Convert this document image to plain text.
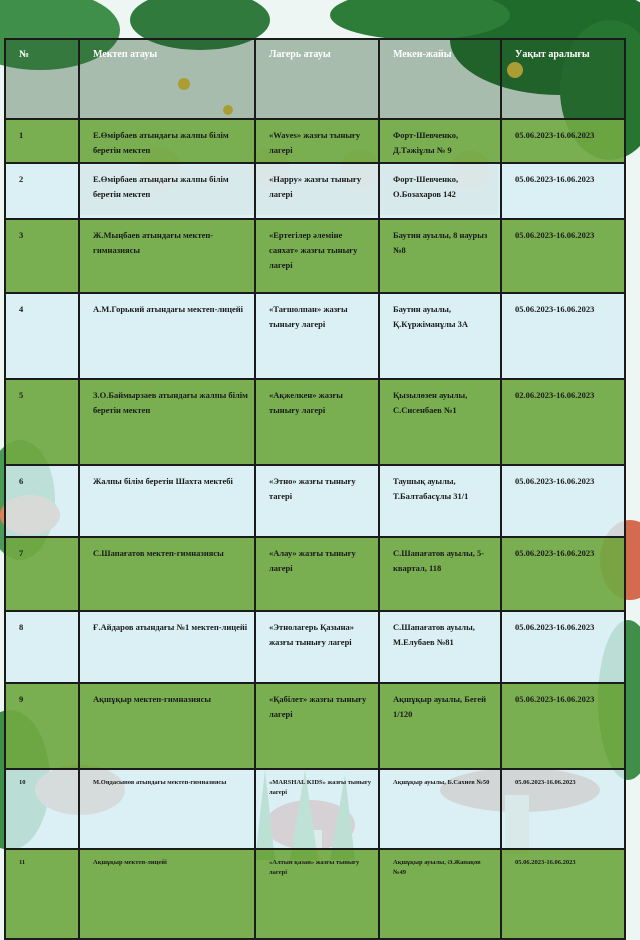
№	Мектеп атауы	Лагерь атауы	Мекен-жайы	Уақыт аралығы
1	Е.Өмірбаев атындағы жалпы білім беретін мектеп	«Waves» жазғы тынығу лагері	Форт-Шевченко, Д.Тәжіұлы № 9	05.06.2023-16.06.2023
2	Е.Өмірбаев атындағы жалпы білім беретін мектеп	«Happy» жазғы тынығу лагері	Форт-Шевченко, О.Бозахаров 142	05.06.2023-16.06.2023
3	Ж.Мыңбаев атындағы мектеп-гимназиясы	«Ертегілер әлеміне саяхат» жазғы тынығу лагері	Баутин ауылы, 8 наурыз №8	05.06.2023-16.06.2023
4	А.М.Горький атындағы мектеп-лицейі	«Тағшолпан» жазғы тынығу лагері	Баутин ауылы, Қ.Күржіманұлы 3А	05.06.2023-16.06.2023
5	З.О.Баймырзаев атындағы жалпы білім беретін мектеп	«Ақжелкен» жазғы тынығу лагері	Қызылөзен ауылы, С.Сисенбаев №1	02.06.2023-16.06.2023
6	Жалпы білім беретін Шахта мектебі	«Этно» жазғы тынығу тагері	Таушық ауылы, Т.Балтабасұлы 31/1	05.06.2023-16.06.2023
7	С.Шапағатов мектеп-гимназиясы	«Алау» жазғы тынығу лагері	С.Шапағатов ауылы, 5-квартал, 118	05.06.2023-16.06.2023
8	Ғ.Айдаров атындағы №1 мектеп-лицейі	«Этнолагерь Қазына» жазғы тынығу лагері	С.Шапағатов ауылы, М.Елубаев №81	05.06.2023-16.06.2023
9	Ақшұқыр мектеп-гимназиясы	«Қабілет» жазғы тынығу лагері	Ақшұқыр ауылы, Бегей 1/120	05.06.2023-16.06.2023
10	М.Оңдасынов атындағы мектеп-гимназиясы	«MARSHAL KIDS» жазғы тынығу лагері	Ақшұқыр ауылы, Б.Сахиев №50	05.06.2023-16.06.2023
11	Ақшұқыр мектеп-лицейі	«Алтын қазан» жазғы тынығу лагері	Ақшұқыр ауылы, Ә.Жапақов №49	05.06.2023-16.06.2023
